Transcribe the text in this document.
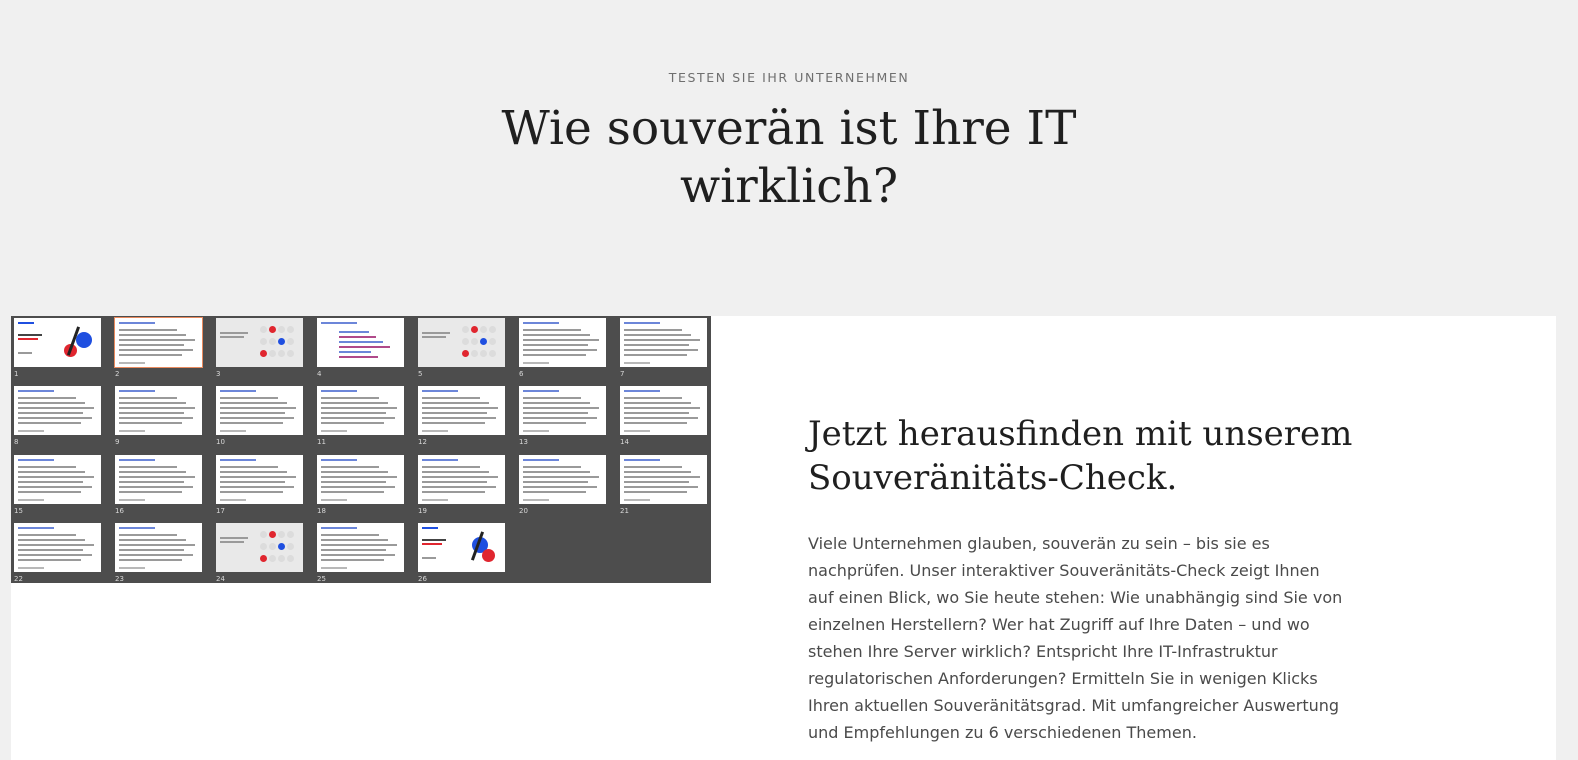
TESTEN SIE IHR UNTERNEHMEN
Wie souverän ist Ihre IT
wirklich?
1	2	3	4	5	6	7
8	9	10	11	12	13	14
15	16	17	18	19	20	21
22	23	24	25	26
Jetzt herausfinden mit unserem
Souveränitäts-Check.
Viele Unternehmen glauben, souverän zu sein – bis sie es nachprüfen. Unser interaktiver Souveränitäts-Check zeigt Ihnen auf einen Blick, wo Sie heute stehen: Wie unabhängig sind Sie von einzelnen Herstellern? Wer hat Zugriff auf Ihre Daten – und wo stehen Ihre Server wirklich? Entspricht Ihre IT-Infrastruktur regulatorischen Anforderungen? Ermitteln Sie in wenigen Klicks Ihren aktuellen Souveränitätsgrad. Mit umfangreicher Auswertung und Empfehlungen zu 6 verschiedenen Themen.
